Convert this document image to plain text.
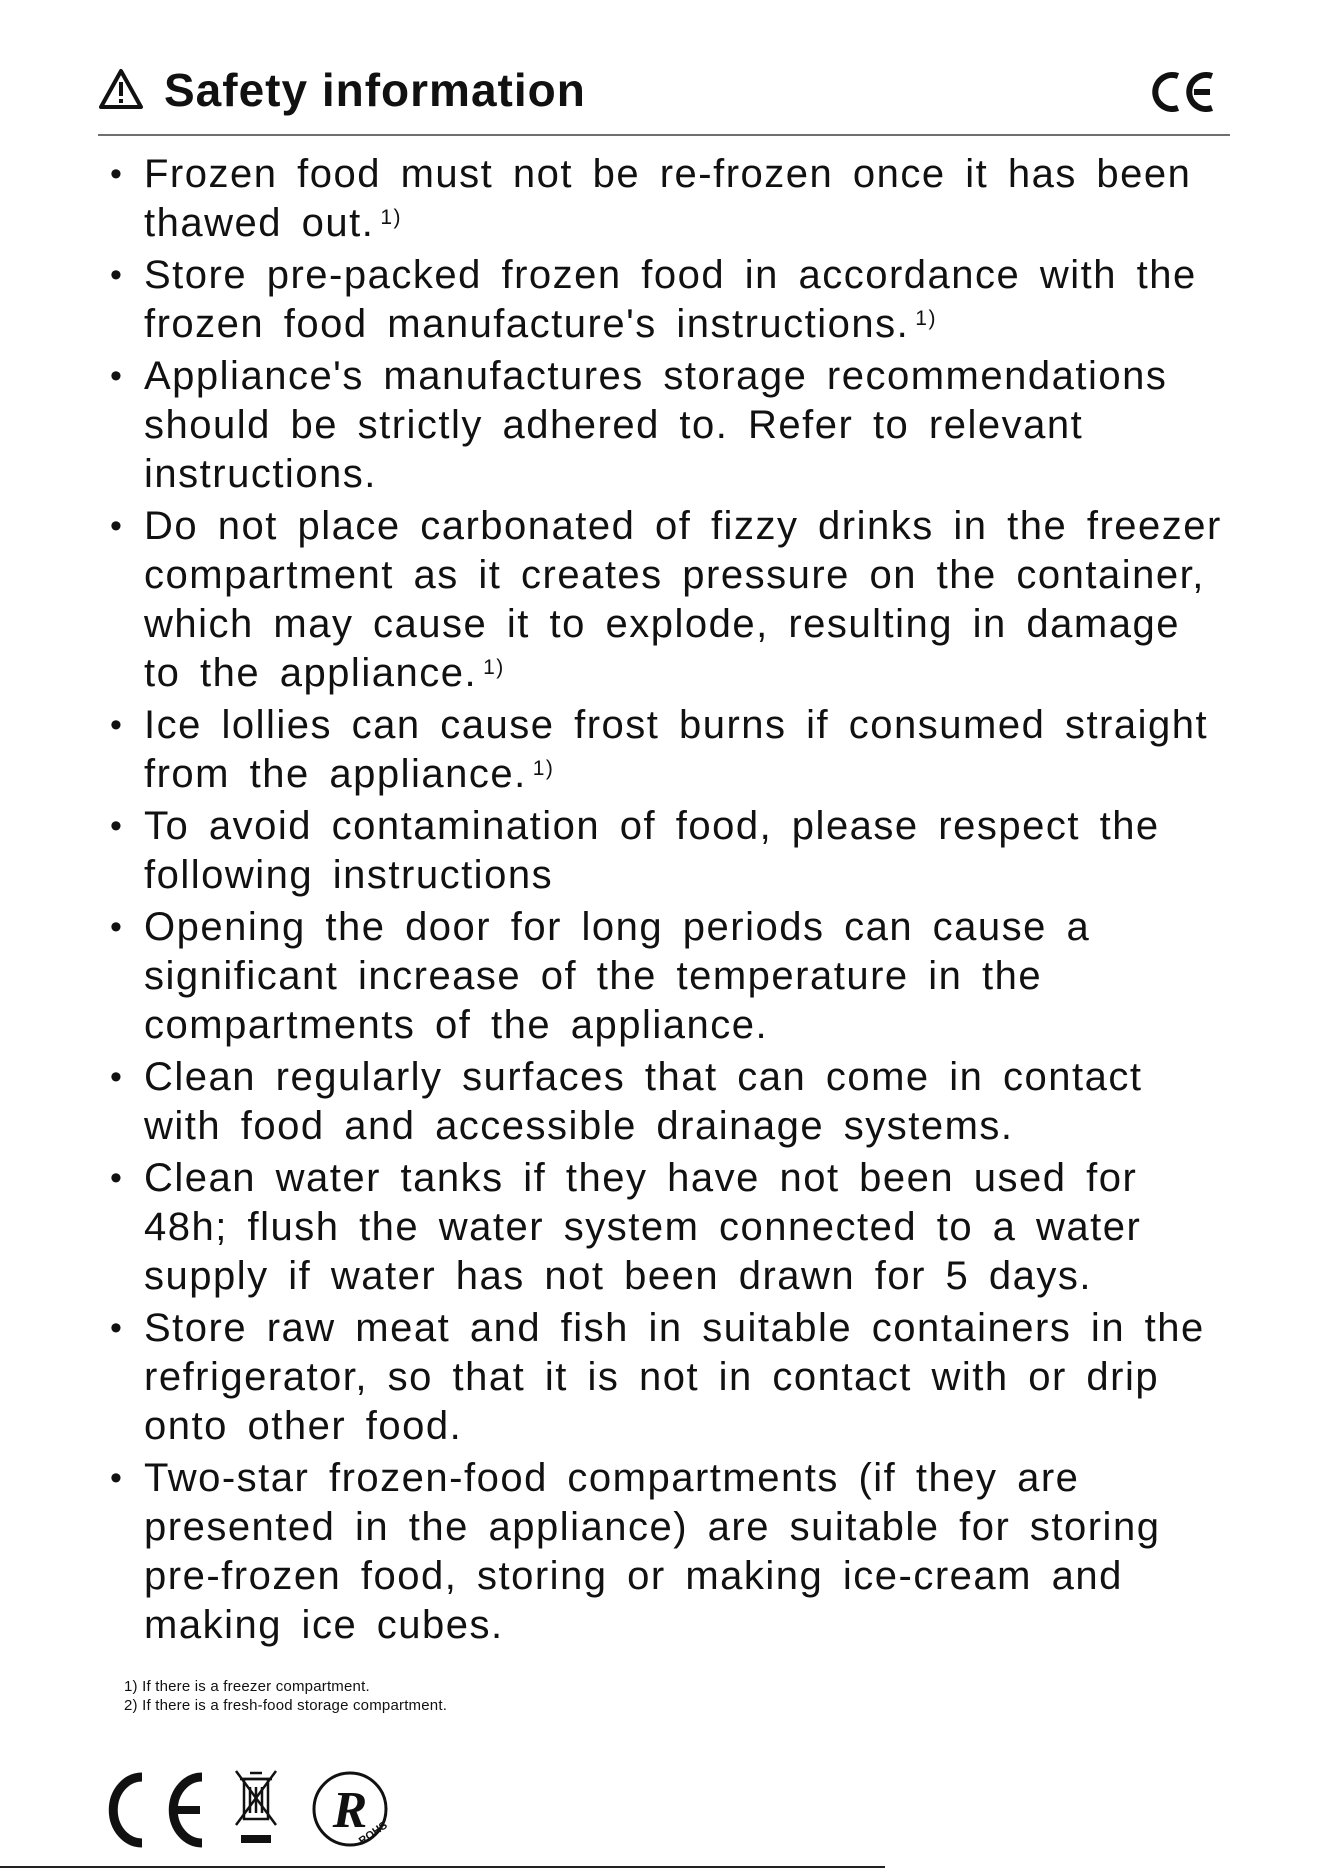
Safety information
• Frozen food must not be re-frozen once it has been thawed out. $^{1)}$
• Store pre-packed frozen food in accordance with the frozen food manufacture's instructions. $^{1)}$
• Appliance's manufactures storage recommendations should be strictly adhered to. Refer to relevant instructions.
• Do not place carbonated of fizzy drinks in the freezer compartment as it creates pressure on the container, which may cause it to explode, resulting in damage to the appliance. $^{1)}$
• Ice lollies can cause frost burns if consumed straight from the appliance. $^{1)}$
• To avoid contamination of food, please respect the following instructions
• Opening the door for long periods can cause a significant increase of the temperature in the compartments of the appliance.
• Clean regularly surfaces that can come in contact with food and accessible drainage systems.
• Clean water tanks if they have not been used for 48h; flush the water system connected to a water supply if water has not been drawn for 5 days.
• Store raw meat and fish in suitable containers in the refrigerator, so that it is not in contact with or drip onto other food.
• Two-star frozen-food compartments (if they are presented in the appliance) are suitable for storing pre-frozen food, storing or making ice-cream and making ice cubes.
1) If there is a freezer compartment.
2) If there is a fresh-food storage compartment.
R
ROHS
